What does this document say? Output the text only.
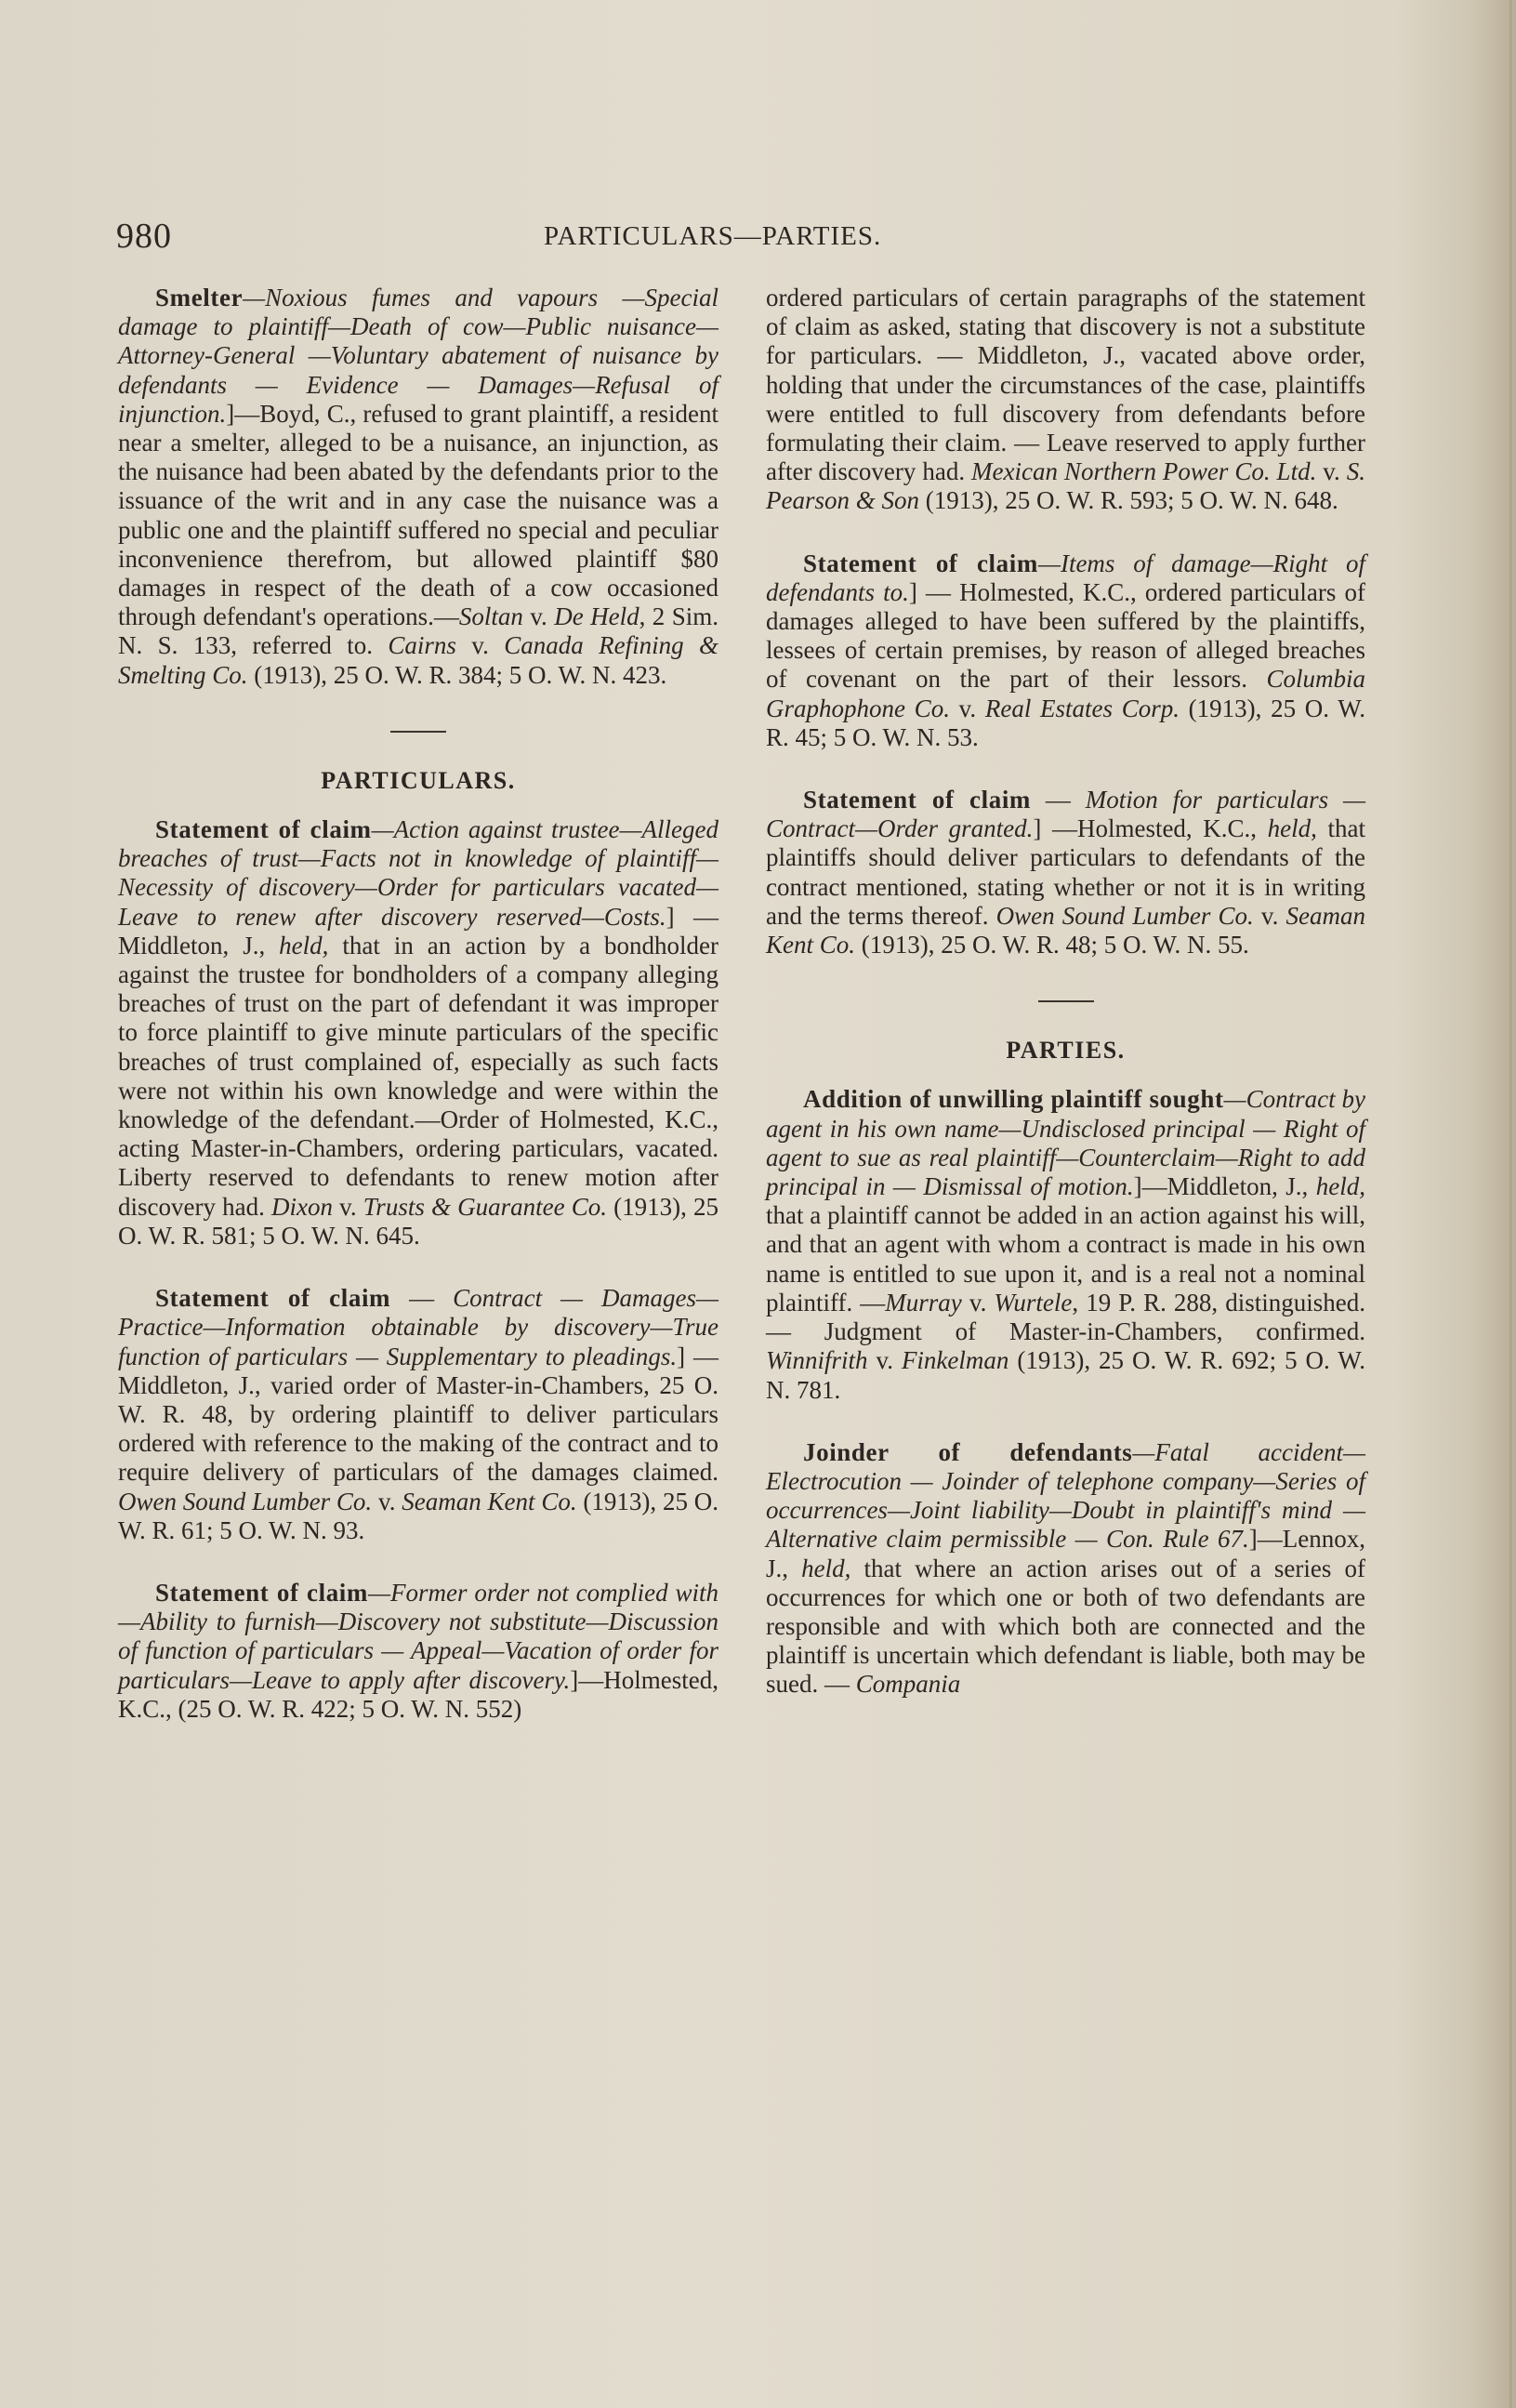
980	PARTICULARS—PARTIES.

Smelter—Noxious fumes and vapours —Special damage to plaintiff—Death of cow—Public nuisance—Attorney-General —Voluntary abatement of nuisance by defendants — Evidence — Damages—Refusal of injunction.]—Boyd, C., refused to grant plaintiff, a resident near a smelter, alleged to be a nuisance, an injunction, as the nuisance had been abated by the defendants prior to the issuance of the writ and in any case the nuisance was a public one and the plaintiff suffered no special and peculiar inconvenience therefrom, but allowed plaintiff $80 damages in respect of the death of a cow occasioned through defendant's operations.—Soltan v. De Held, 2 Sim. N. S. 133, referred to. Cairns v. Canada Refining & Smelting Co. (1913), 25 O. W. R. 384; 5 O. W. N. 423.

PARTICULARS.

Statement of claim—Action against trustee—Alleged breaches of trust—Facts not in knowledge of plaintiff—Necessity of discovery—Order for particulars vacated—Leave to renew after discovery reserved—Costs.] — Middleton, J., held, that in an action by a bondholder against the trustee for bondholders of a company alleging breaches of trust on the part of defendant it was improper to force plaintiff to give minute particulars of the specific breaches of trust complained of, especially as such facts were not within his own knowledge and were within the knowledge of the defendant.—Order of Holmested, K.C., acting Master-in-Chambers, ordering particulars, vacated. Liberty reserved to defendants to renew motion after discovery had. Dixon v. Trusts & Guarantee Co. (1913), 25 O. W. R. 581; 5 O. W. N. 645.

Statement of claim — Contract — Damages—Practice—Information obtainable by discovery—True function of particulars — Supplementary to pleadings.] —Middleton, J., varied order of Master-in-Chambers, 25 O. W. R. 48, by ordering plaintiff to deliver particulars ordered with reference to the making of the contract and to require delivery of particulars of the damages claimed. Owen Sound Lumber Co. v. Seaman Kent Co. (1913), 25 O. W. R. 61; 5 O. W. N. 93.

Statement of claim—Former order not complied with—Ability to furnish—Discovery not substitute—Discussion of function of particulars — Appeal—Vacation of order for particulars—Leave to apply after discovery.]—Holmested, K.C., (25 O. W. R. 422; 5 O. W. N. 552)

ordered particulars of certain paragraphs of the statement of claim as asked, stating that discovery is not a substitute for particulars. — Middleton, J., vacated above order, holding that under the circumstances of the case, plaintiffs were entitled to full discovery from defendants before formulating their claim. — Leave reserved to apply further after discovery had. Mexican Northern Power Co. Ltd. v. S. Pearson & Son (1913), 25 O. W. R. 593; 5 O. W. N. 648.

Statement of claim—Items of damage—Right of defendants to.] — Holmested, K.C., ordered particulars of damages alleged to have been suffered by the plaintiffs, lessees of certain premises, by reason of alleged breaches of covenant on the part of their lessors. Columbia Graphophone Co. v. Real Estates Corp. (1913), 25 O. W. R. 45; 5 O. W. N. 53.

Statement of claim — Motion for particulars — Contract—Order granted.] —Holmested, K.C., held, that plaintiffs should deliver particulars to defendants of the contract mentioned, stating whether or not it is in writing and the terms thereof. Owen Sound Lumber Co. v. Seaman Kent Co. (1913), 25 O. W. R. 48; 5 O. W. N. 55.

PARTIES.

Addition of unwilling plaintiff sought—Contract by agent in his own name—Undisclosed principal — Right of agent to sue as real plaintiff—Counterclaim—Right to add principal in — Dismissal of motion.]—Middleton, J., held, that a plaintiff cannot be added in an action against his will, and that an agent with whom a contract is made in his own name is entitled to sue upon it, and is a real not a nominal plaintiff. —Murray v. Wurtele, 19 P. R. 288, distinguished. — Judgment of Master-in-Chambers, confirmed. Winnifrith v. Finkelman (1913), 25 O. W. R. 692; 5 O. W. N. 781.

Joinder of defendants—Fatal accident—Electrocution — Joinder of telephone company—Series of occurrences—Joint liability—Doubt in plaintiff's mind —Alternative claim permissible — Con. Rule 67.]—Lennox, J., held, that where an action arises out of a series of occurrences for which one or both of two defendants are responsible and with which both are connected and the plaintiff is uncertain which defendant is liable, both may be sued. — Compania
